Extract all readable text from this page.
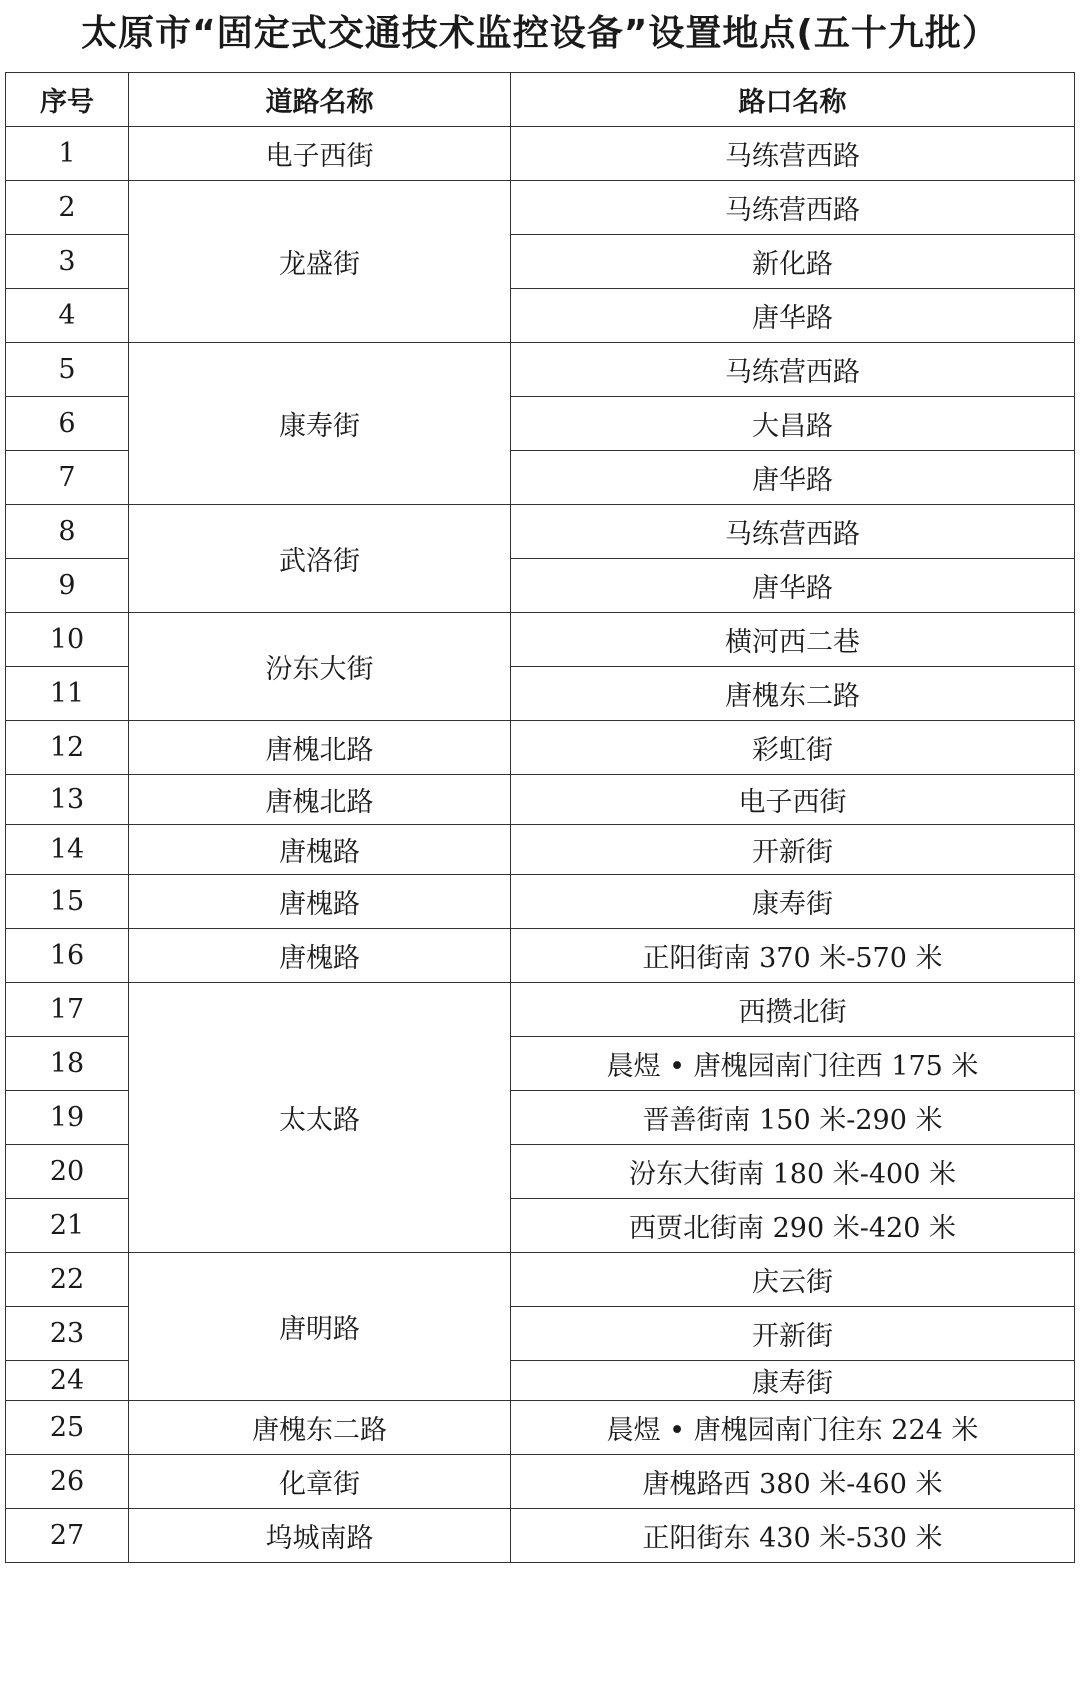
太原市“固定式交通技术监控设备”设置地点(五十九批）
序号	道路名称	路口名称
1	电子西街	马练营西路
2	龙盛街	马练营西路
3		新化路
4		唐华路
5	康寿街	马练营西路
6		大昌路
7		唐华路
8	武洛街	马练营西路
9		唐华路
10	汾东大街	横河西二巷
11		唐槐东二路
12	唐槐北路	彩虹街
13	唐槐北路	电子西街
14	唐槐路	开新街
15	唐槐路	康寿街
16	唐槐路	正阳街南 370 米-570 米
17	太太路	西攒北街
18		晨煜 • 唐槐园南门往西 175 米
19		晋善街南 150 米-290 米
20		汾东大街南 180 米-400 米
21		西贾北街南 290 米-420 米
22	唐明路	庆云街
23		开新街
24		康寿街
25	唐槐东二路	晨煜 • 唐槐园南门往东 224 米
26	化章街	唐槐路西 380 米-460 米
27	坞城南路	正阳街东 430 米-530 米
